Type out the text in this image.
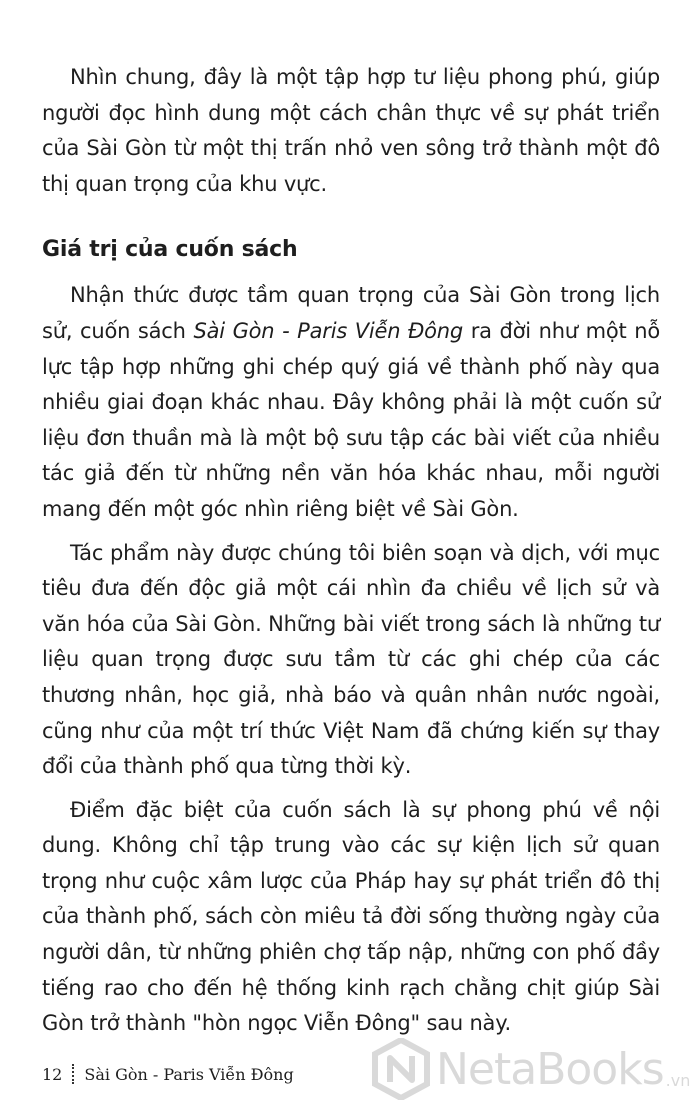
Nhìn chung, đây là một tập hợp tư liệu phong phú, giúp người đọc hình dung một cách chân thực về sự phát triển của Sài Gòn từ một thị trấn nhỏ ven sông trở thành một đô thị quan trọng của khu vực.

Giá trị của cuốn sách

Nhận thức được tầm quan trọng của Sài Gòn trong lịch sử, cuốn sách Sài Gòn - Paris Viễn Đông ra đời như một nỗ lực tập hợp những ghi chép quý giá về thành phố này qua nhiều giai đoạn khác nhau. Đây không phải là một cuốn sử liệu đơn thuần mà là một bộ sưu tập các bài viết của nhiều tác giả đến từ những nền văn hóa khác nhau, mỗi người mang đến một góc nhìn riêng biệt về Sài Gòn.

Tác phẩm này được chúng tôi biên soạn và dịch, với mục tiêu đưa đến độc giả một cái nhìn đa chiều về lịch sử và văn hóa của Sài Gòn. Những bài viết trong sách là những tư liệu quan trọng được sưu tầm từ các ghi chép của các thương nhân, học giả, nhà báo và quân nhân nước ngoài, cũng như của một trí thức Việt Nam đã chứng kiến sự thay đổi của thành phố qua từng thời kỳ.

Điểm đặc biệt của cuốn sách là sự phong phú về nội dung. Không chỉ tập trung vào các sự kiện lịch sử quan trọng như cuộc xâm lược của Pháp hay sự phát triển đô thị của thành phố, sách còn miêu tả đời sống thường ngày của người dân, từ những phiên chợ tấp nập, những con phố đầy tiếng rao cho đến hệ thống kinh rạch chằng chịt giúp Sài Gòn trở thành "hòn ngọc Viễn Đông" sau này.

12 Sài Gòn - Paris Viễn Đông	NetaBooks .vn
